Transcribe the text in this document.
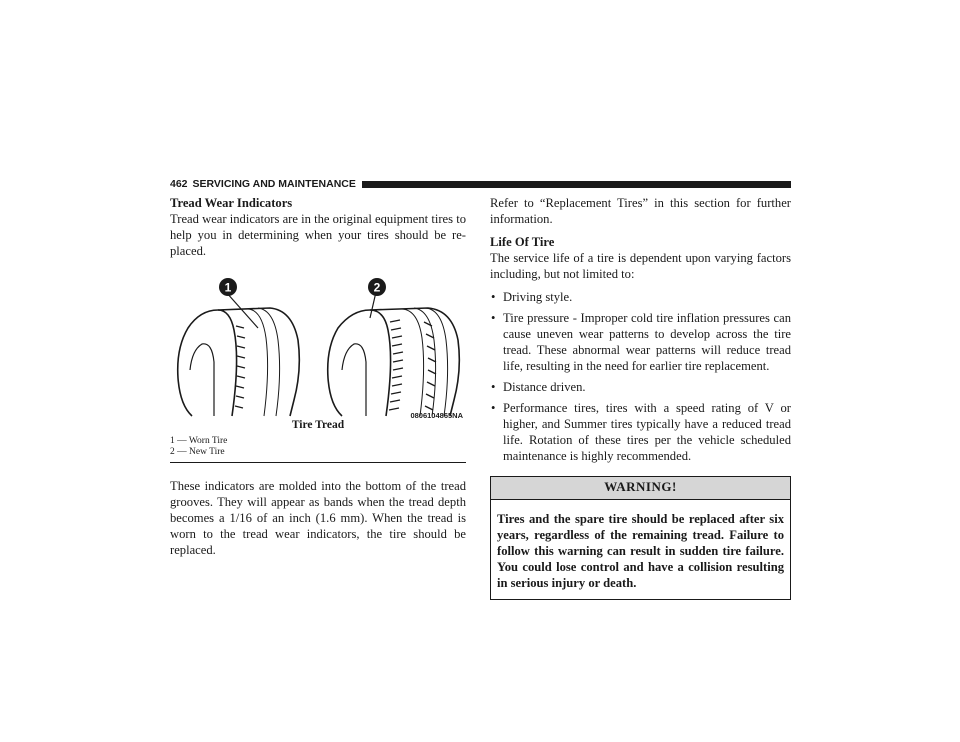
462 SERVICING AND MAINTENANCE

Tread Wear Indicators

Tread wear indicators are in the original equipment tires to help you in determining when your tires should be re- placed.

1	2
0806104865NA
Tire Tread
1 — Worn Tire
2 — New Tire

These indicators are molded into the bottom of the tread grooves. They will appear as bands when the tread depth becomes a 1/16 of an inch (1.6 mm). When the tread is worn to the tread wear indicators, the tire should be replaced.

Refer to “Replacement Tires” in this section for further information.

Life Of Tire

The service life of a tire is dependent upon varying factors including, but not limited to:

• Driving style.
• Tire pressure - Improper cold tire inflation pressures can cause uneven wear patterns to develop across the tire tread. These abnormal wear patterns will reduce tread life, resulting in the need for earlier tire replacement.
• Distance driven.
• Performance tires, tires with a speed rating of V or higher, and Summer tires typically have a reduced tread life. Rotation of these tires per the vehicle scheduled maintenance is highly recommended.
WARNING!
Tires and the spare tire should be replaced after six years, regardless of the remaining tread. Failure to follow this warning can result in sudden tire failure. You could lose control and have a collision resulting in serious injury or death.
